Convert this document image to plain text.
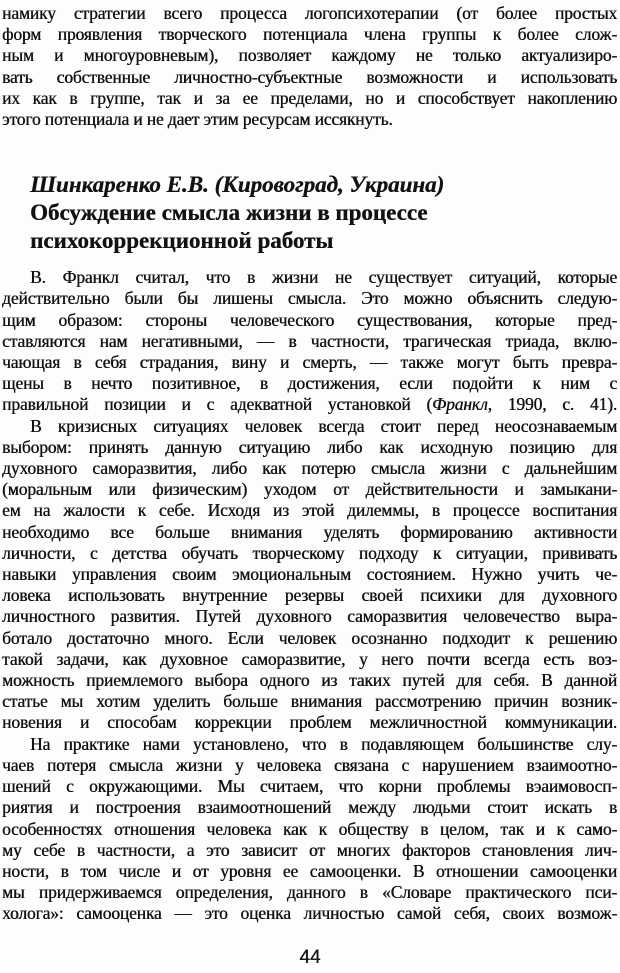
намику стратегии всего процесса логопсихотерапии (от более простых
форм проявления творческого потенциала члена группы к более слож-
ным и многоуровневым), позволяет каждому не только актуализиро-
вать собственные личностно-субъектные возможности и использовать
их как в группе, так и за ее пределами, но и способствует накоплению
этого потенциала и не дает этим ресурсам иссякнуть.
Шинкаренко Е.В. (Кировоград, Украина)
Обсуждение смысла жизни в процессе
психокоррекционной работы
В. Франкл считал, что в жизни не существует ситуаций, которые
действительно были бы лишены смысла. Это можно объяснить следую-
щим образом: стороны человеческого существования, которые пред-
ставляются нам негативными, — в частности, трагическая триада, вклю-
чающая в себя страдания, вину и смерть, — также могут быть превра-
щены в нечто позитивное, в достижения, если подойти к ним с
правильной позиции и с адекватной установкой (Франкл, 1990, с. 41).
В кризисных ситуациях человек всегда стоит перед неосознаваемым
выбором: принять данную ситуацию либо как исходную позицию для
духовного саморазвития, либо как потерю смысла жизни с дальнейшим
(моральным или физическим) уходом от действительности и замыкани-
ем на жалости к себе. Исходя из этой дилеммы, в процессе воспитания
необходимо все больше внимания уделять формированию активности
личности, с детства обучать творческому подходу к ситуации, прививать
навыки управления своим эмоциональным состоянием. Нужно учить че-
ловека использовать внутренние резервы своей психики для духовного
личностного развития. Путей духовного саморазвития человечество выра-
ботало достаточно много. Если человек осознанно подходит к решению
такой задачи, как духовное саморазвитие, у него почти всегда есть воз-
можность приемлемого выбора одного из таких путей для себя. В данной
статье мы хотим уделить больше внимания рассмотрению причин возник-
новения и способам коррекции проблем межличностной коммуникации.
На практике нами установлено, что в подавляющем большинстве слу-
чаев потеря смысла жизни у человека связана с нарушением взаимоотно-
шений с окружающими. Мы считаем, что корни проблемы вэаимовосп-
риятия и построения взаимоотношений между людьми стоит искать в
особенностях отношения человека как к обществу в целом, так и к само-
му себе в частности, а это зависит от многих факторов становления лич-
ности, в том числе и от уровня ее самооценки. В отношении самооценки
мы придерживаемся определения, данного в «Словаре практического пси-
холога»: самооценка — это оценка личностью самой себя, своих возмож-
44
